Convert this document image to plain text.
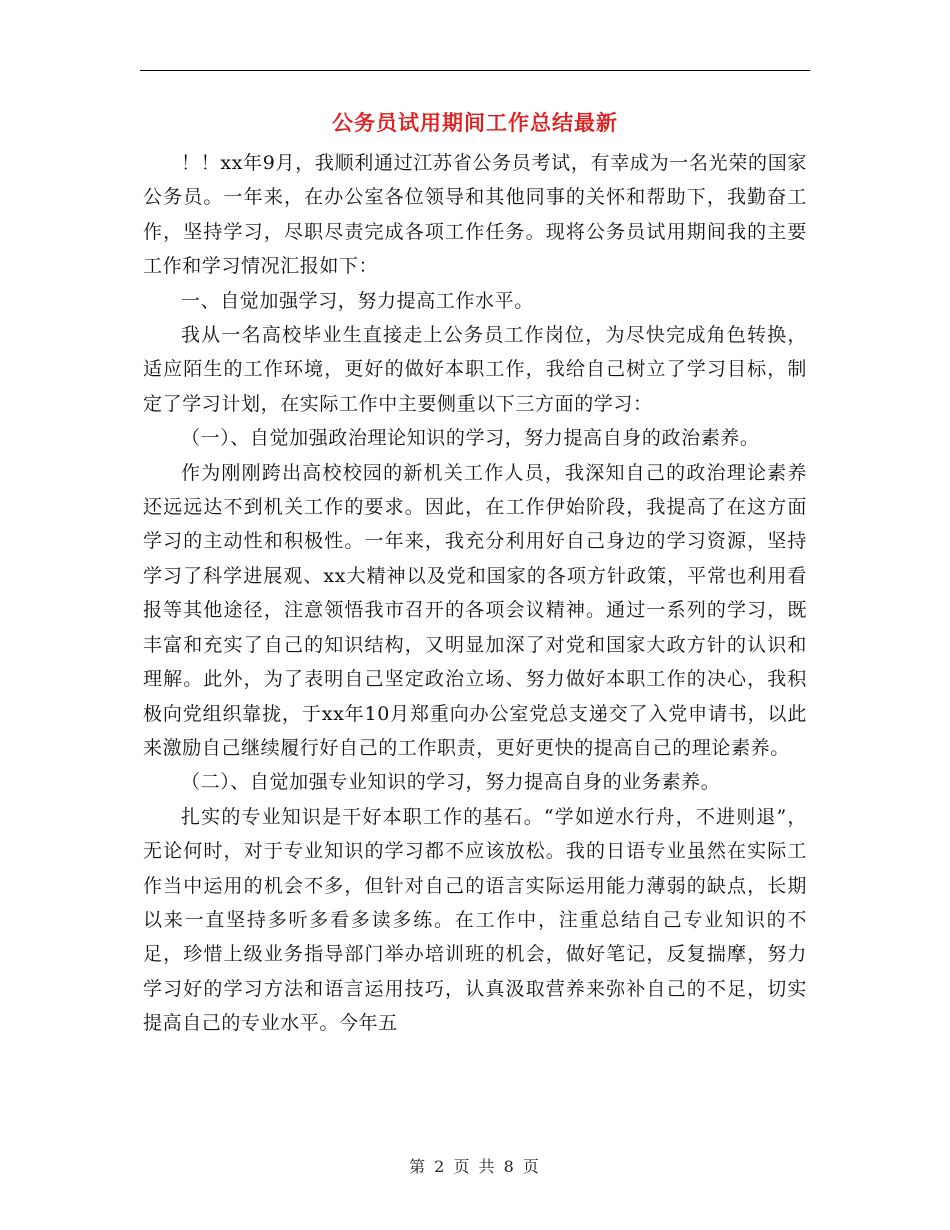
公务员试用期间工作总结最新

！！xx年9月，我顺利通过江苏省公务员考试，有幸成为一名光荣的国家公务员。一年来，在办公室各位领导和其他同事的关怀和帮助下，我勤奋工作，坚持学习，尽职尽责完成各项工作任务。现将公务员试用期间我的主要工作和学习情况汇报如下：

一、自觉加强学习，努力提高工作水平。

我从一名高校毕业生直接走上公务员工作岗位，为尽快完成角色转换，适应陌生的工作环境，更好的做好本职工作，我给自己树立了学习目标，制定了学习计划，在实际工作中主要侧重以下三方面的学习：

（一）、自觉加强政治理论知识的学习，努力提高自身的政治素养。

作为刚刚跨出高校校园的新机关工作人员，我深知自己的政治理论素养还远远达不到机关工作的要求。因此，在工作伊始阶段，我提高了在这方面学习的主动性和积极性。一年来，我充分利用好自己身边的学习资源，坚持学习了科学进展观、xx大精神以及党和国家的各项方针政策，平常也利用看报等其他途径，注意领悟我市召开的各项会议精神。通过一系列的学习，既丰富和充实了自己的知识结构，又明显加深了对党和国家大政方针的认识和理解。此外，为了表明自己坚定政治立场、努力做好本职工作的决心，我积极向党组织靠拢，于xx年10月郑重向办公室党总支递交了入党申请书，以此来激励自己继续履行好自己的工作职责，更好更快的提高自己的理论素养。

（二）、自觉加强专业知识的学习，努力提高自身的业务素养。

扎实的专业知识是干好本职工作的基石。“学如逆水行舟，不进则退”，无论何时，对于专业知识的学习都不应该放松。我的日语专业虽然在实际工作当中运用的机会不多，但针对自己的语言实际运用能力薄弱的缺点，长期以来一直坚持多听多看多读多练。在工作中，注重总结自己专业知识的不足，珍惜上级业务指导部门举办培训班的机会，做好笔记，反复揣摩，努力学习好的学习方法和语言运用技巧，认真汲取营养来弥补自己的不足，切实提高自己的专业水平。今年五

第 2 页 共 8 页
